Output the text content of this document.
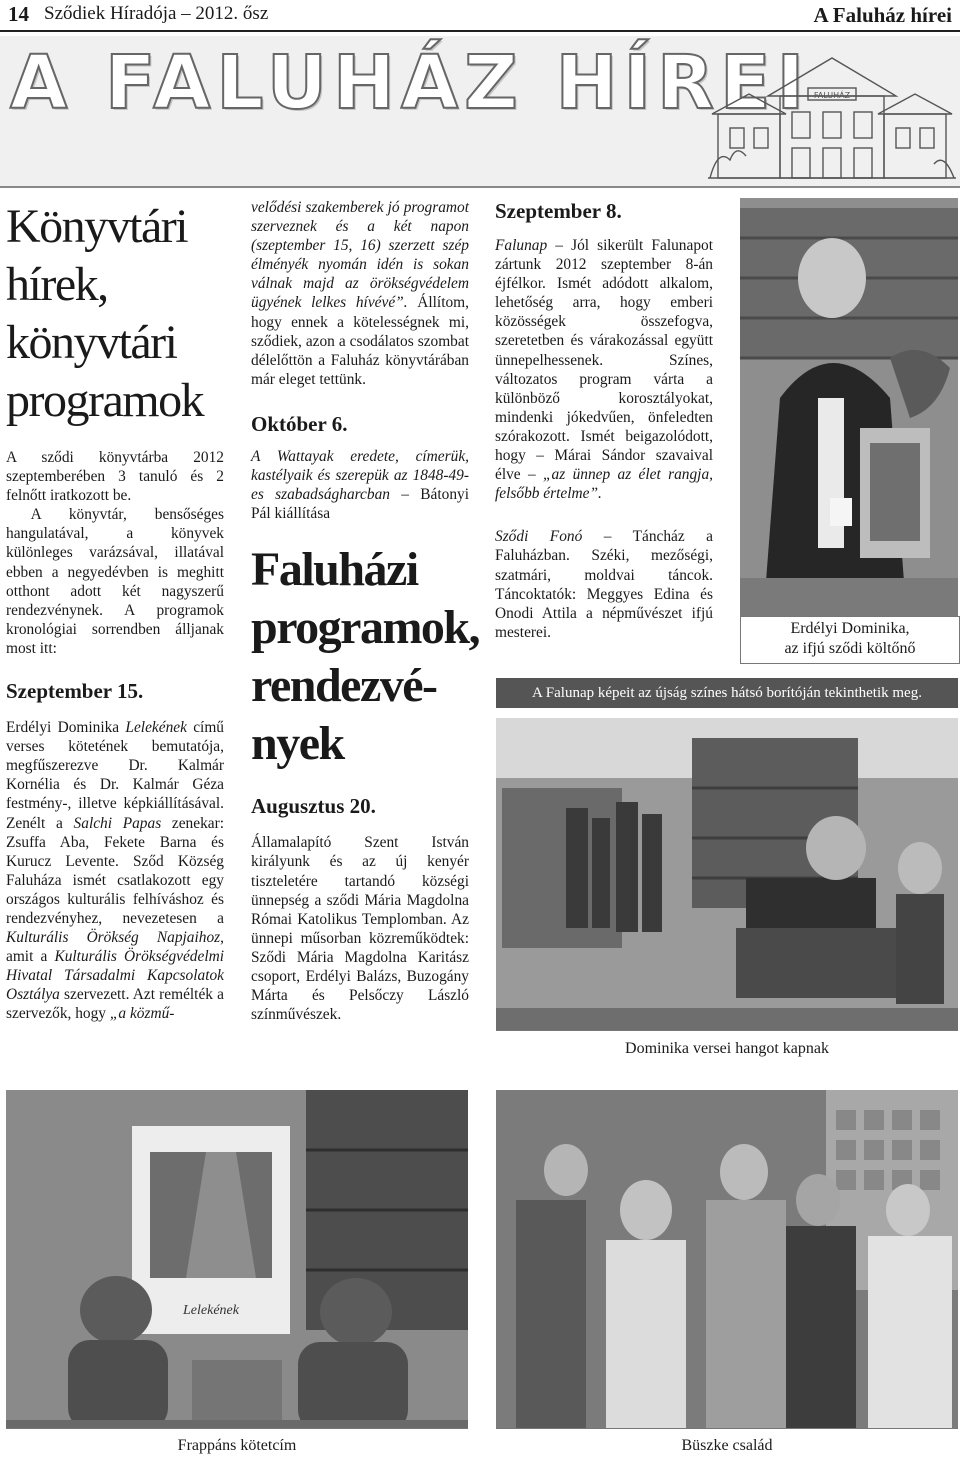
14 Sződiek Híradója – 2012. ősz	A Faluház hírei
A FALUHÁZ HÍREI FALUHÁZ
Könyvtári
hírek,
könyvtári
programok

A sződi könyvtárba 2012 szeptemberében 3 tanuló és 2 felnőtt iratkozott be.

A könyvtár, bensőséges hangulatával, a könyvek különleges varázsával, illatával ebben a negyedévben is meghitt otthont adott két nagyszerű rendezvénynek. A programok kronológiai sorrendben álljanak most itt:

Szeptember 15.

Erdélyi Dominika Lelekének című verses kötetének bemutatója, megfűszerezve Dr. Kalmár Kornélia és Dr. Kalmár Géza festmény-, illetve képkiállításával. Zenélt a Salchi Papas zenekar: Zsuffa Aba, Fekete Barna és Kurucz Levente. Sződ Község Faluháza ismét csatlakozott egy országos kulturális felhíváshoz és rendezvényhez, nevezetesen a Kulturális Örökség Napjaihoz, amit a Kulturális Örökségvédelmi Hivatal Társadalmi Kapcsolatok Osztálya szervezett. Azt remélték a szervezők, hogy „a közmű-

velődési szakemberek jó programot szerveznek és a két napon (szeptember 15, 16) szerzett szép élményék nyomán idén is sokan válnak majd az örökségvédelem ügyének lelkes hívévé”. Állítom, hogy ennek a kötelességnek mi, sződiek, azon a csodálatos szombat délelőttön a Faluház könyvtárában már eleget tettünk.

Október 6.

A Wattayak eredete, címerük, kastélyaik és szerepük az 1848-49-es szabadságharcban – Bátonyi Pál kiállítása

Faluházi
programok,
rendezvé-
nyek
Augusztus 20.

Államalapító Szent István királyunk és az új kenyér tiszteletére tartandó községi ünnepség a sződi Mária Magdolna Római Katolikus Templomban. Az ünnepi műsorban közreműködtek: Sződi Mária Magdolna Karitász csoport, Erdélyi Balázs, Buzogány Márta és Pelsőczy László színművészek.

Szeptember 8.

Falunap – Jól sikerült Falunapot zártunk 2012 szeptember 8-án éjfélkor. Ismét adódott alkalom, lehetőség arra, hogy emberi közösségek összefogva, szeretetben és várakozással együtt ünnepelhessenek. Színes, változatos program várta a különböző korosztályokat, mindenki jókedvűen, önfeledten szórakozott. Ismét beigazolódott, hogy – Márai Sándor szavaival élve – „az ünnep az élet rangja, felsőbb értelme”.

Sződi Fonó – Táncház a Faluházban. Széki, mezőségi, szatmári, moldvai táncok. Táncoktatók: Meggyes Edina és Onodi Attila a népművészet ifjú mesterei.	Erdélyi Dominika,
az ifjú sződi költőnő
A Falunap képeit az újság színes hátsó borítóján tekinthetik meg.
Dominika versei hangot kapnak
Lelekének
Frappáns kötetcím	Büszke család
